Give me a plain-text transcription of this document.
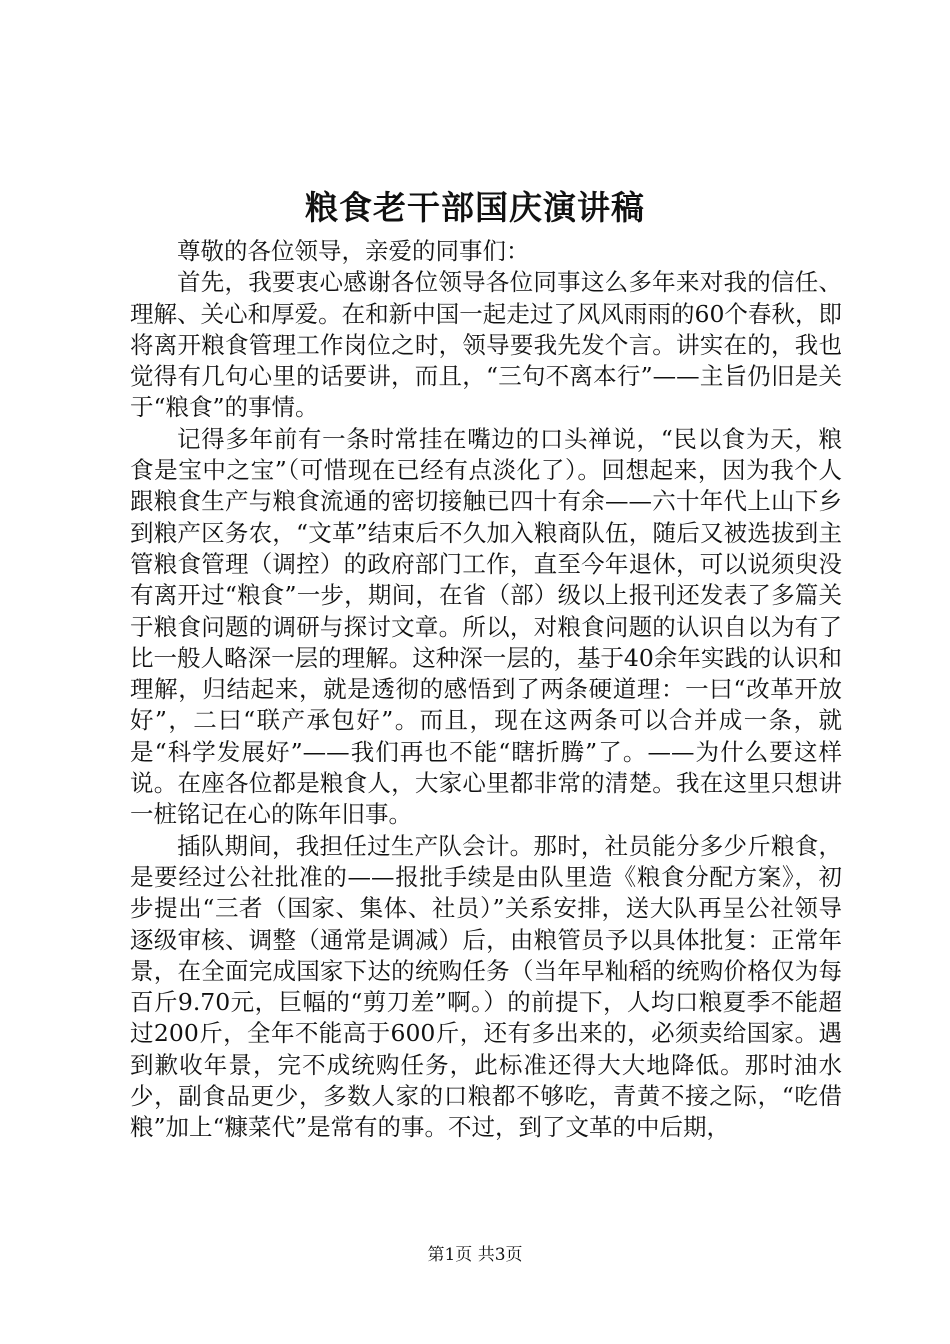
粮食老干部国庆演讲稿

尊敬的各位领导，亲爱的同事们：

首先，我要衷心感谢各位领导各位同事这么多年来对我的信任、理解、关心和厚爱。在和新中国一起走过了风风雨雨的60个春秋，即将离开粮食管理工作岗位之时，领导要我先发个言。讲实在的，我也觉得有几句心里的话要讲，而且，“三句不离本行”——主旨仍旧是关于“粮食”的事情。

记得多年前有一条时常挂在嘴边的口头禅说，“民以食为天，粮食是宝中之宝”（可惜现在已经有点淡化了）。回想起来，因为我个人跟粮食生产与粮食流通的密切接触已四十有余——六十年代上山下乡到粮产区务农，“文革”结束后不久加入粮商队伍，随后又被选拔到主管粮食管理（调控）的政府部门工作，直至今年退休，可以说须臾没有离开过“粮食”一步，期间，在省（部）级以上报刊还发表了多篇关于粮食问题的调研与探讨文章。所以，对粮食问题的认识自以为有了比一般人略深一层的理解。这种深一层的，基于40余年实践的认识和理解，归结起来，就是透彻的感悟到了两条硬道理：一曰“改革开放好”，二曰“联产承包好”。而且，现在这两条可以合并成一条，就是“科学发展好”——我们再也不能“瞎折腾”了。——为什么要这样说。在座各位都是粮食人，大家心里都非常的清楚。我在这里只想讲一桩铭记在心的陈年旧事。

插队期间，我担任过生产队会计。那时，社员能分多少斤粮食，是要经过公社批准的——报批手续是由队里造《粮食分配方案》，初步提出“三者（国家、集体、社员）”关系安排，送大队再呈公社领导逐级审核、调整（通常是调减）后，由粮管员予以具体批复：正常年景，在全面完成国家下达的统购任务（当年早籼稻的统购价格仅为每百斤9.70元，巨幅的“剪刀差”啊。）的前提下，人均口粮夏季不能超过200斤，全年不能高于600斤，还有多出来的，必须卖给国家。遇到歉收年景，完不成统购任务，此标准还得大大地降低。那时油水少，副食品更少，多数人家的口粮都不够吃，青黄不接之际，“吃借粮”加上“糠菜代”是常有的事。不过，到了文革的中后期，

第1页 共3页
